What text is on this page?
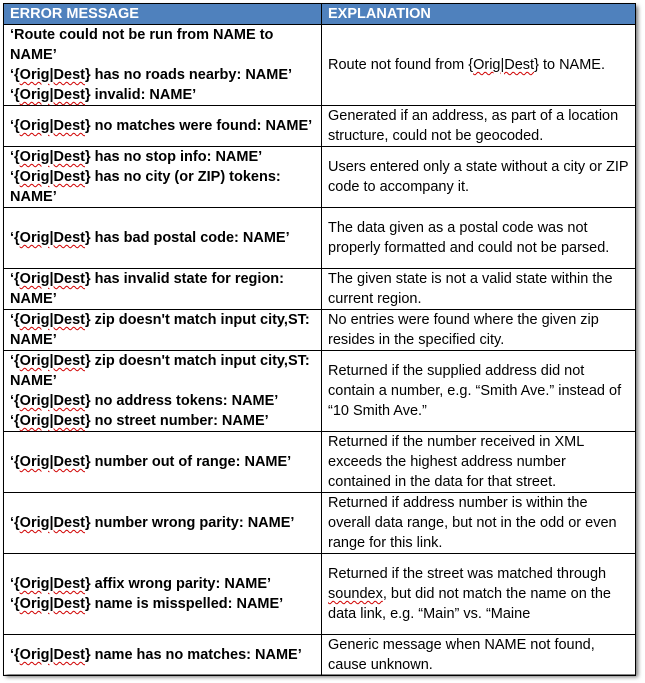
ERROR MESSAGE	EXPLANATION

‘Route could not be run from NAME to NAME’
‘{Orig|Dest} has no roads nearby: NAME’
‘{Orig|Dest} invalid: NAME’	Route not found from {Orig|Dest} to NAME.

‘{Orig|Dest} no matches were found: NAME’	Generated if an address, as part of a location structure, could not be geocoded.

‘{Orig|Dest} has no stop info: NAME’
‘{Orig|Dest} has no city (or ZIP) tokens: NAME’	Users entered only a state without a city or ZIP code to accompany it.

‘{Orig|Dest} has bad postal code: NAME’	The data given as a postal code was not properly formatted and could not be parsed.

‘{Orig|Dest} has invalid state for region: NAME’	The given state is not a valid state within the current region.

‘{Orig|Dest} zip doesn't match input city,ST: NAME’	No entries were found where the given zip resides in the specified city.

‘{Orig|Dest} zip doesn't match input city,ST: NAME’
‘{Orig|Dest} no address tokens: NAME’
‘{Orig|Dest} no street number: NAME’	Returned if the supplied address did not contain a number, e.g. “Smith Ave.” instead of “10 Smith Ave.”

‘{Orig|Dest} number out of range: NAME’	Returned if the number received in XML exceeds the highest address number contained in the data for that street.

‘{Orig|Dest} number wrong parity: NAME’	Returned if address number is within the overall data range, but not in the odd or even range for this link.

‘{Orig|Dest} affix wrong parity: NAME’
‘{Orig|Dest} name is misspelled: NAME’	Returned if the street was matched through soundex, but did not match the name on the data link, e.g. “Main” vs. “Maine

‘{Orig|Dest} name has no matches: NAME’	Generic message when NAME not found, cause unknown.
